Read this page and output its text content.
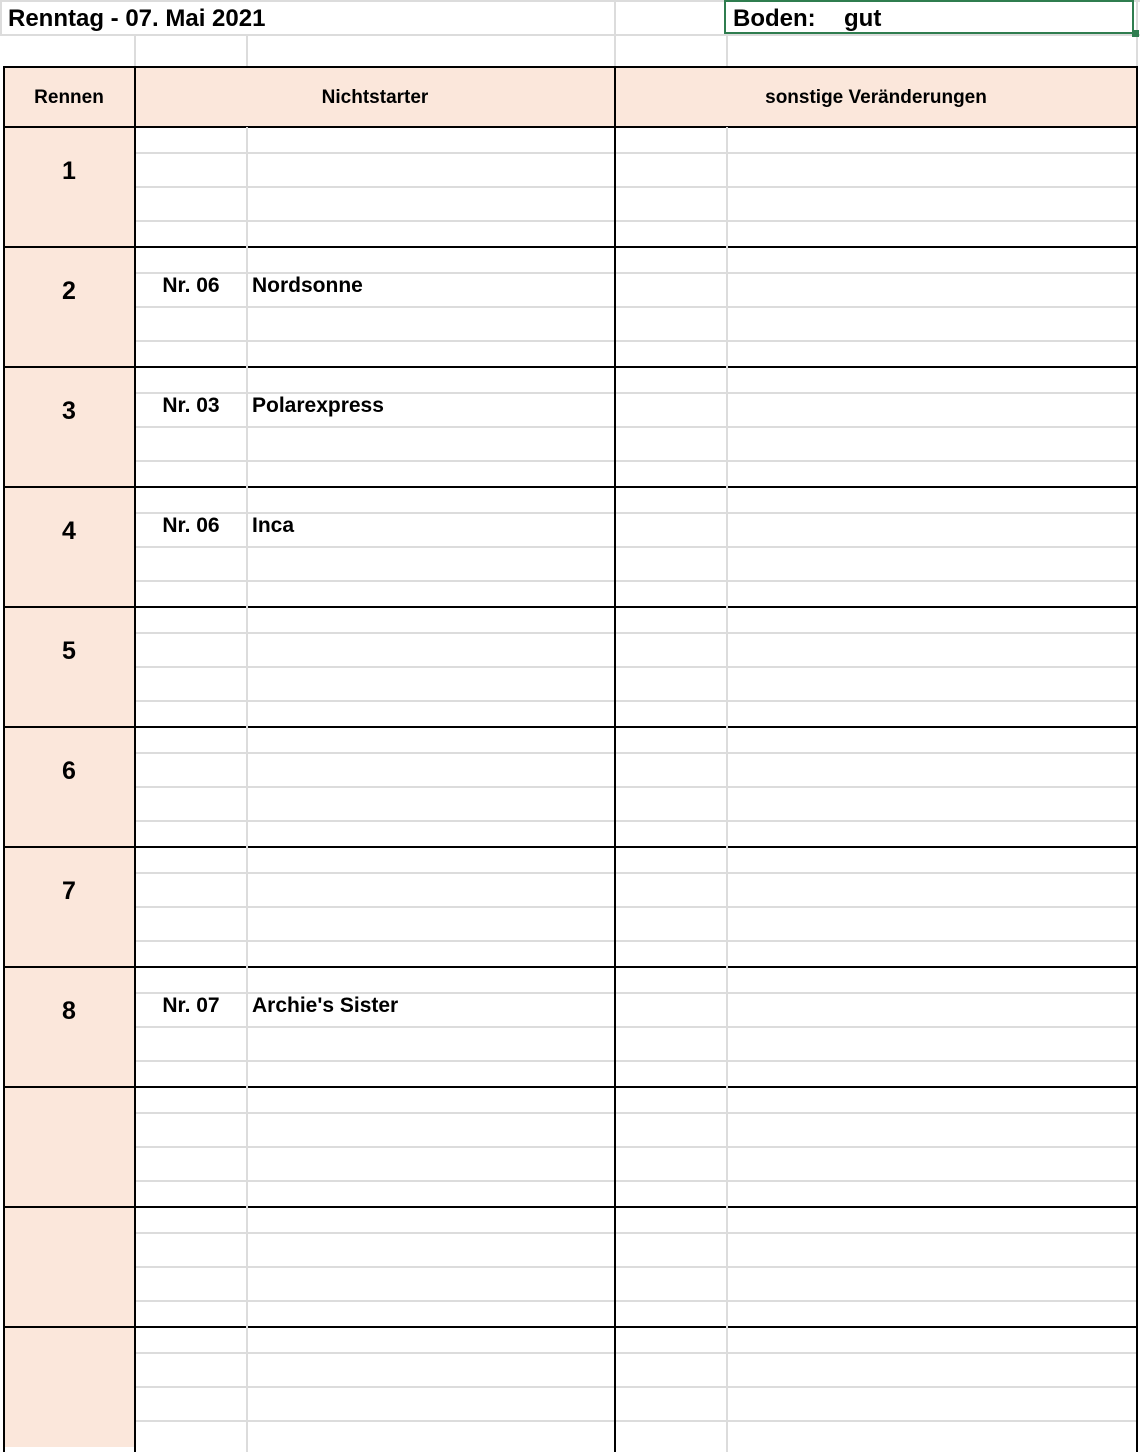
Renntag - 07. Mai 2021	Boden: gut
Rennen	Nichtstarter	sonstige Veränderungen
1
2	Nr. 06	Nordsonne
3	Nr. 03	Polarexpress
4	Nr. 06	Inca
5
6
7
8	Nr. 07	Archie's Sister
